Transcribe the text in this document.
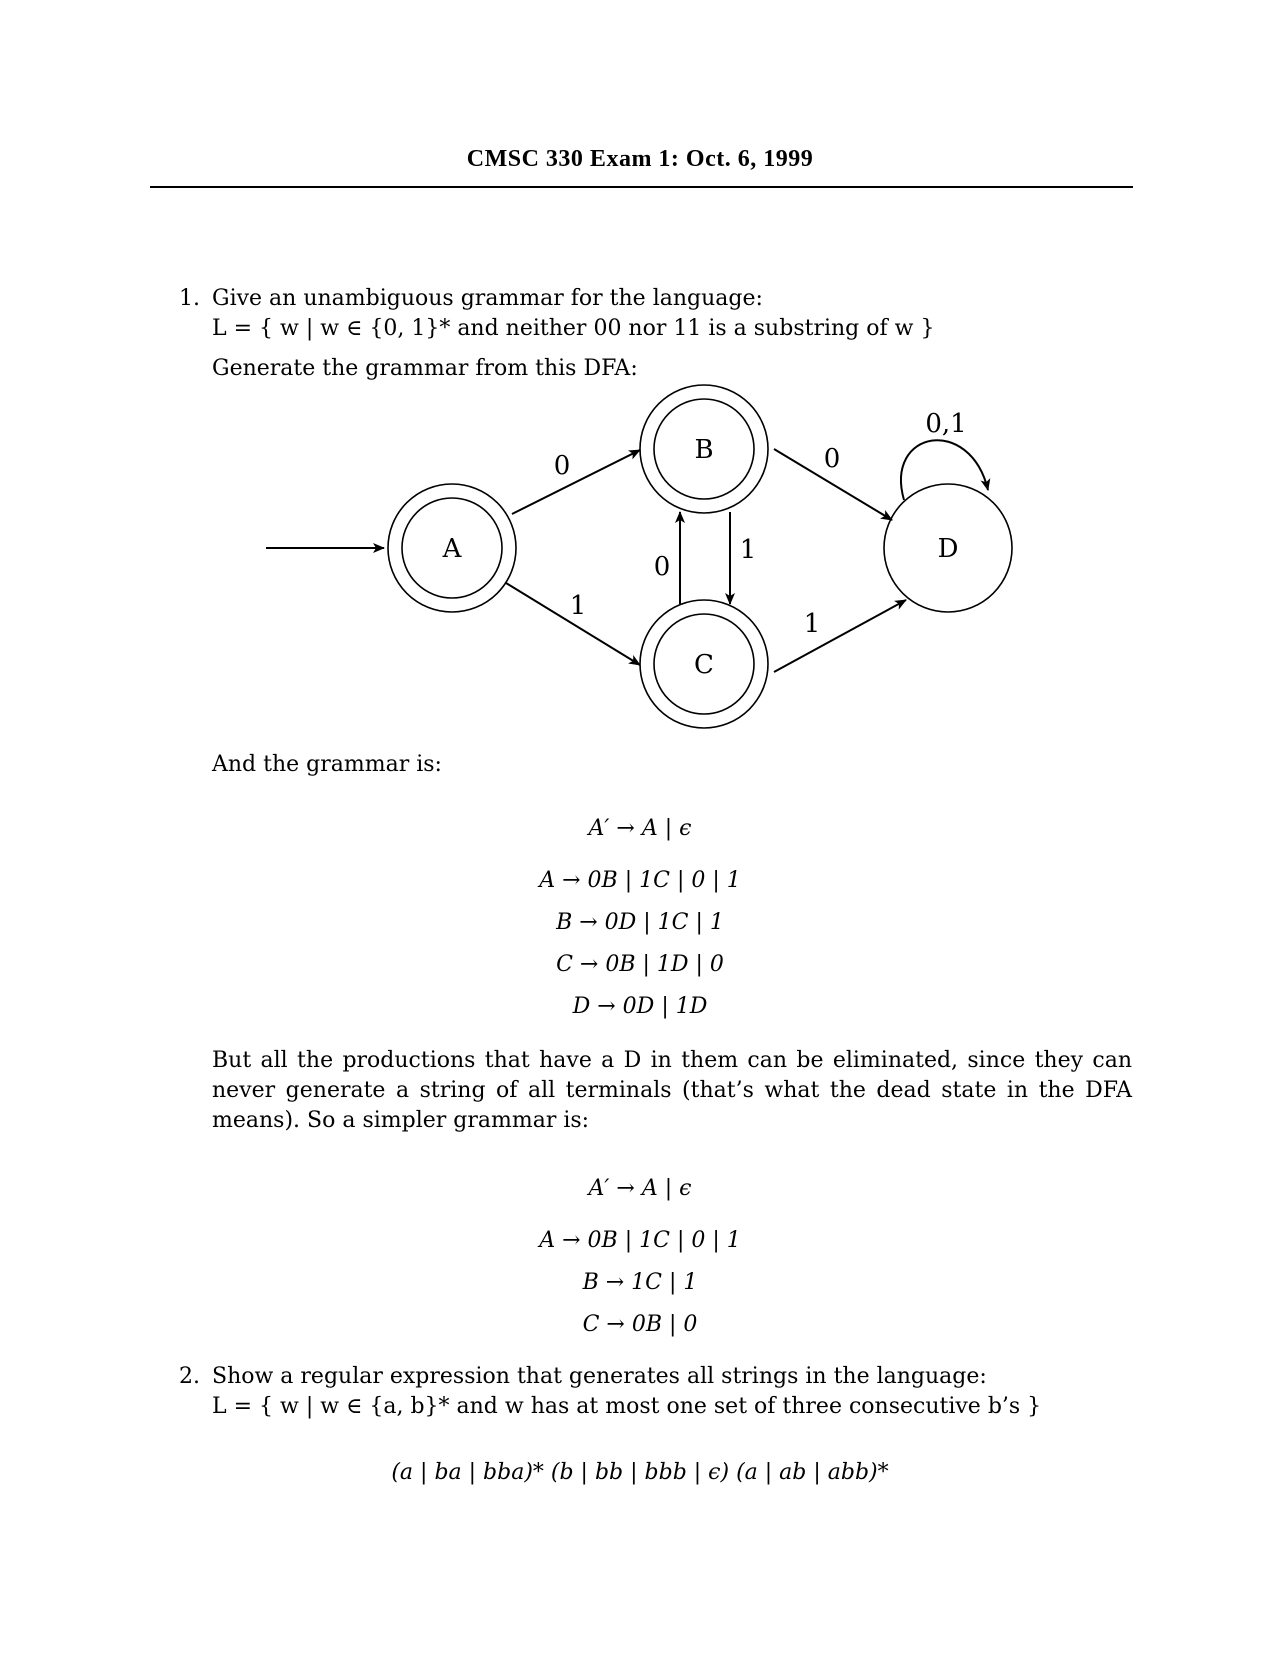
CMSC 330 Exam 1: Oct. 6, 1999
1. Give an unambiguous grammar for the language:
L = { w | w ∈ {0, 1}* and neither 00 nor 11 is a substring of w }
Generate the grammar from this DFA:
A
B
C
D
0
1
0
1
0
1
0,1
And the grammar is:
A′ → A | ϵ
A → 0B | 1C | 0 | 1
B → 0D | 1C | 1
C → 0B | 1D | 0
D → 0D | 1D
But all the productions that have a D in them can be eliminated, since they can never generate a string of all terminals (that’s what the dead state in the DFA means). So a simpler grammar is:
A′ → A | ϵ
A → 0B | 1C | 0 | 1
B → 1C | 1
C → 0B | 0
2. Show a regular expression that generates all strings in the language:
L = { w | w ∈ {a, b}* and w has at most one set of three consecutive b’s }
(a | ba | bba)* (b | bb | bbb | ϵ) (a | ab | abb)*
